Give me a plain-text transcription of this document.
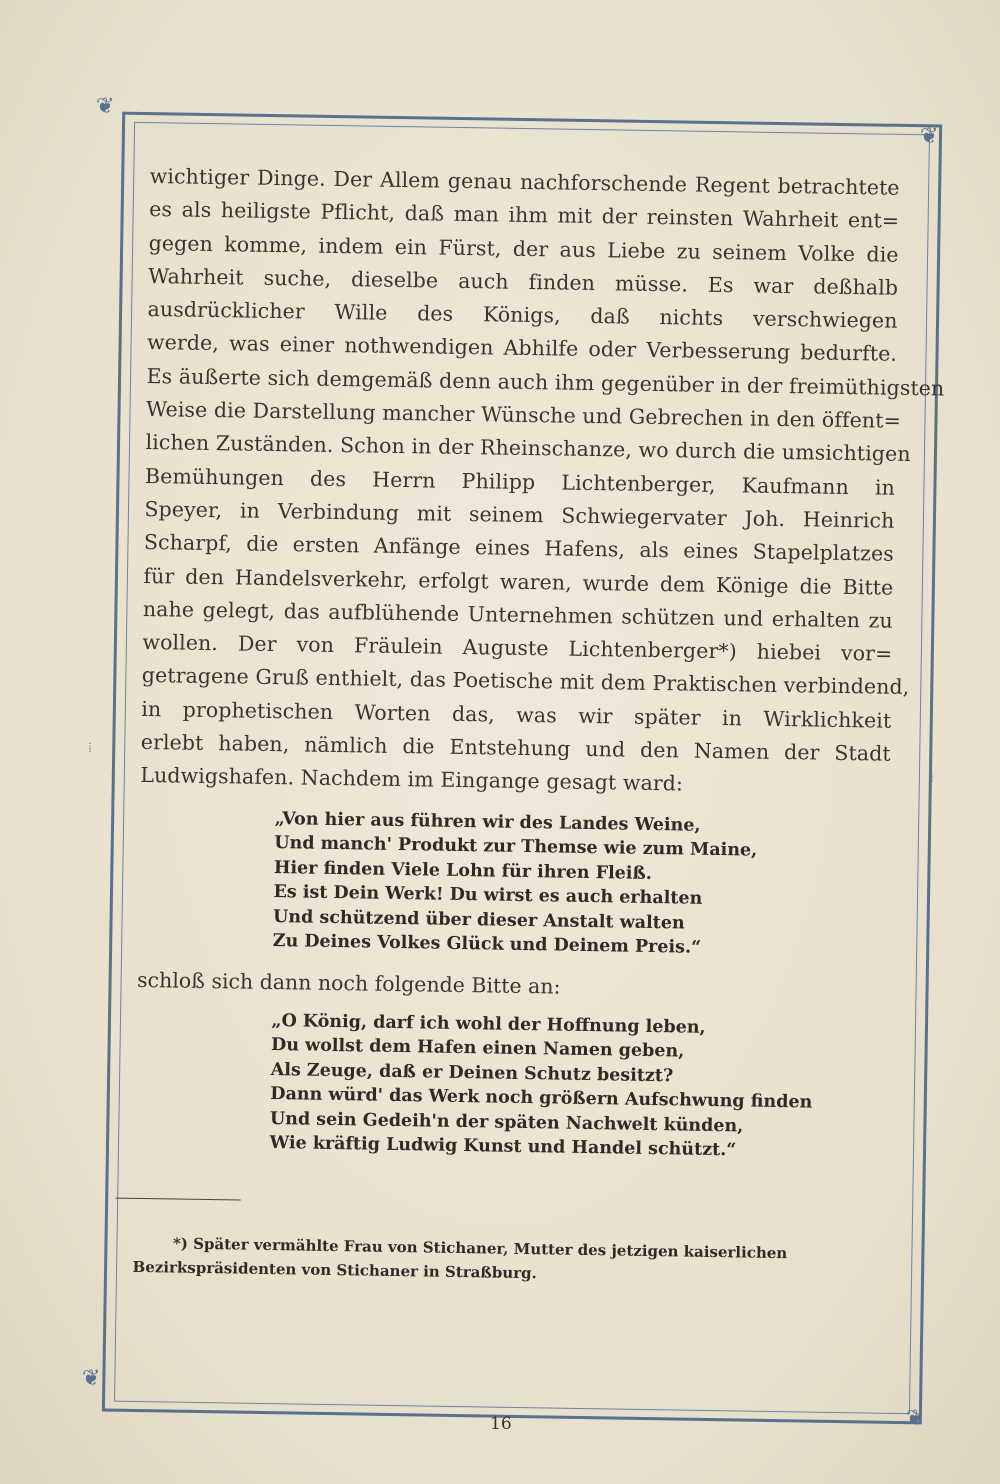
❦
❦
❦
❦
⁞
⁞
wichtiger Dinge. Der Allem genau nachforschende Regent betrachtete
es als heiligste Pflicht, daß man ihm mit der reinsten Wahrheit ent=
gegen komme, indem ein Fürst, der aus Liebe zu seinem Volke die
Wahrheit suche, dieselbe auch finden müsse. Es war deßhalb
ausdrücklicher Wille des Königs, daß nichts verschwiegen
werde, was einer nothwendigen Abhilfe oder Verbesserung bedurfte.
Es äußerte sich demgemäß denn auch ihm gegenüber in der freimüthigsten
Weise die Darstellung mancher Wünsche und Gebrechen in den öffent=
lichen Zuständen. Schon in der Rheinschanze, wo durch die umsichtigen
Bemühungen des Herrn Philipp Lichtenberger, Kaufmann in
Speyer, in Verbindung mit seinem Schwiegervater Joh. Heinrich
Scharpf, die ersten Anfänge eines Hafens, als eines Stapelplatzes
für den Handelsverkehr, erfolgt waren, wurde dem Könige die Bitte
nahe gelegt, das aufblühende Unternehmen schützen und erhalten zu
wollen. Der von Fräulein Auguste Lichtenberger*) hiebei vor=
getragene Gruß enthielt, das Poetische mit dem Praktischen verbindend,
in prophetischen Worten das, was wir später in Wirklichkeit
erlebt haben, nämlich die Entstehung und den Namen der Stadt
Ludwigshafen. Nachdem im Eingange gesagt ward:
„Von hier aus führen wir des Landes Weine,
Und manch' Produkt zur Themse wie zum Maine,
Hier finden Viele Lohn für ihren Fleiß.
Es ist Dein Werk! Du wirst es auch erhalten
Und schützend über dieser Anstalt walten
Zu Deines Volkes Glück und Deinem Preis.“
schloß sich dann noch folgende Bitte an:
„O König, darf ich wohl der Hoffnung leben,
Du wollst dem Hafen einen Namen geben,
Als Zeuge, daß er Deinen Schutz besitzt?
Dann würd' das Werk noch größern Aufschwung finden
Und sein Gedeih'n der späten Nachwelt künden,
Wie kräftig Ludwig Kunst und Handel schützt.“
*) Später vermählte Frau von Stichaner, Mutter des jetzigen kaiserlichen
Bezirkspräsidenten von Stichaner in Straßburg.
16
